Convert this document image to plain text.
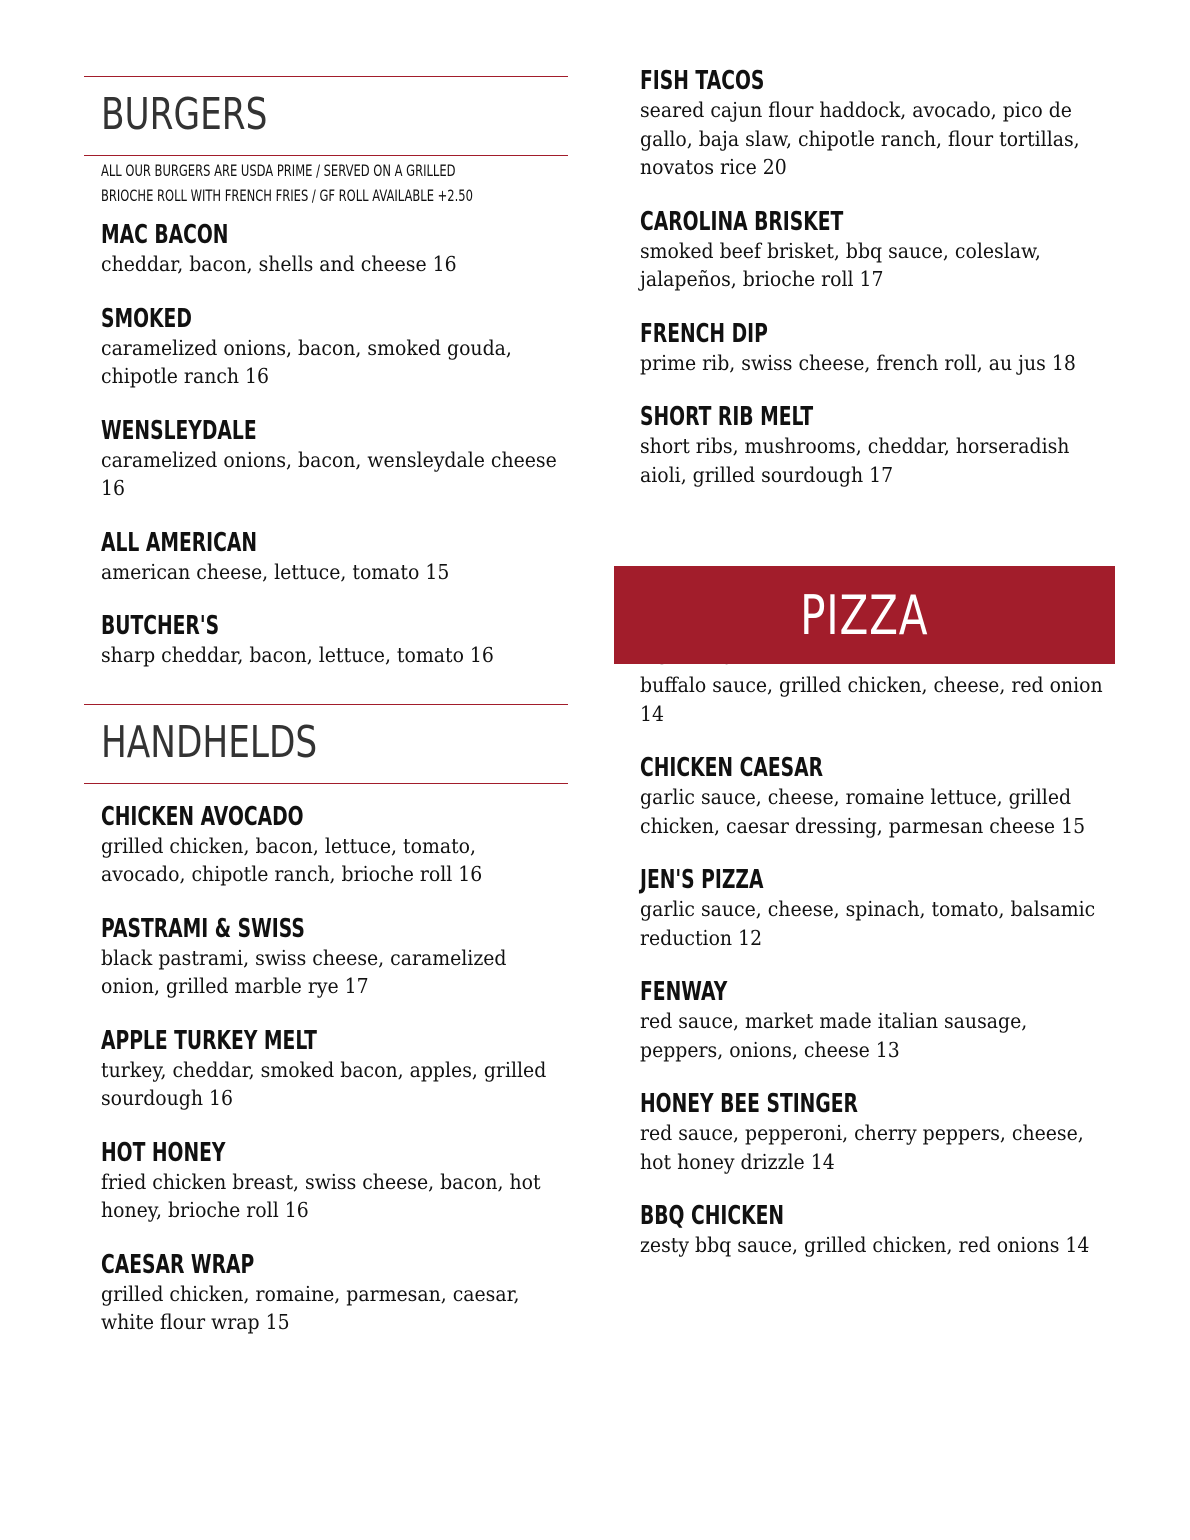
BURGERS
ALL OUR BURGERS ARE USDA PRIME / SERVED ON A GRILLED
BRIOCHE ROLL WITH FRENCH FRIES / GF ROLL AVAILABLE +2.50
MAC BACON
cheddar, bacon, shells and cheese 16
SMOKED
caramelized onions, bacon, smoked gouda, chipotle ranch 16
WENSLEYDALE
caramelized onions, bacon, wensleydale cheese 16
ALL AMERICAN
american cheese, lettuce, tomato 15
BUTCHER'S
sharp cheddar, bacon, lettuce, tomato 16
HANDHELDS
CHICKEN AVOCADO
grilled chicken, bacon, lettuce, tomato, avocado, chipotle ranch, brioche roll 16
PASTRAMI & SWISS
black pastrami, swiss cheese, caramelized onion, grilled marble rye 17
APPLE TURKEY MELT
turkey, cheddar, smoked bacon, apples, grilled sourdough 16
HOT HONEY
fried chicken breast, swiss cheese, bacon, hot honey, brioche roll 16
CAESAR WRAP
grilled chicken, romaine, parmesan, caesar, white flour wrap 15
FISH TACOS
seared cajun flour haddock, avocado, pico de gallo, baja slaw, chipotle ranch, flour tortillas, novatos rice 20
CAROLINA BRISKET
smoked beef brisket, bbq sauce, coleslaw, jalapeños, brioche roll 17
FRENCH DIP
prime rib, swiss cheese, french roll, au jus 18
SHORT RIB MELT
short ribs, mushrooms, cheddar, horseradish aioli, grilled sourdough 17
buffalo sauce, grilled chicken, cheese, red onion 14
CHICKEN CAESAR
garlic sauce, cheese, romaine lettuce, grilled chicken, caesar dressing, parmesan cheese 15
JEN'S PIZZA
garlic sauce, cheese, spinach, tomato, balsamic reduction 12
FENWAY
red sauce, market made italian sausage, peppers, onions, cheese 13
HONEY BEE STINGER
red sauce, pepperoni, cherry peppers, cheese, hot honey drizzle 14
BBQ CHICKEN
zesty bbq sauce, grilled chicken, red onions 14
PIZZA
